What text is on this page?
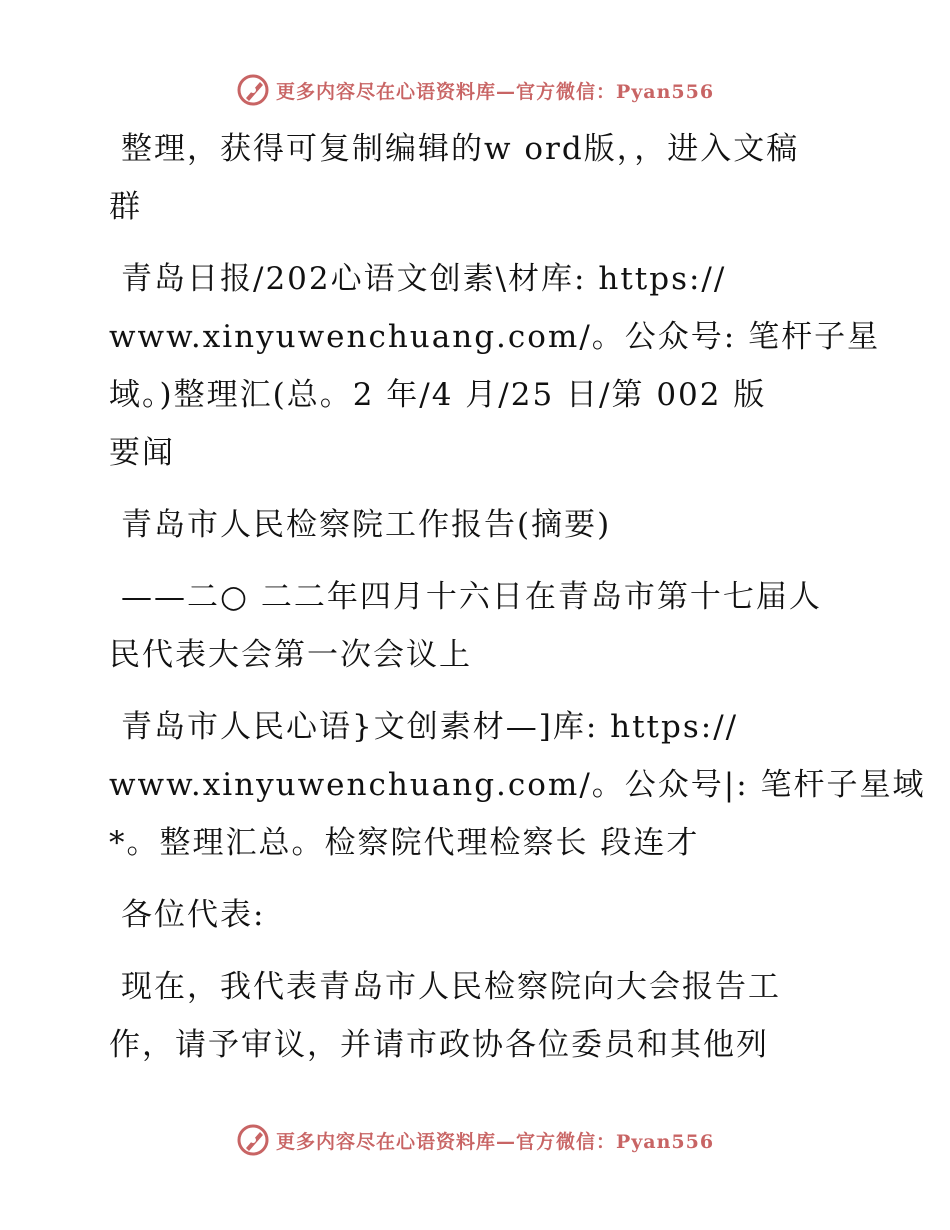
更多内容尽在心语资料库—官方微信：Pyan556
整理，获得可复制编辑的w ord版，，进入文稿
群
青岛日报/202心语文创素\材库: https://
www.xinyuwenchuang.com/。公众号: 笔杆子星
域。)整理汇(总。2 年/4 月/25 日/第 002 版
要闻
青岛市人民检察院工作报告(摘要)
——二○ 二二年四月十六日在青岛市第十七届人
民代表大会第一次会议上
青岛市人民心语}文创素材—]库: https://
www.xinyuwenchuang.com/。公众号|: 笔杆子星域
*。整理汇总。检察院代理检察长 段连才
各位代表:
现在，我代表青岛市人民检察院向大会报告工
作，请予审议，并请市政协各位委员和其他列
更多内容尽在心语资料库—官方微信：Pyan556
